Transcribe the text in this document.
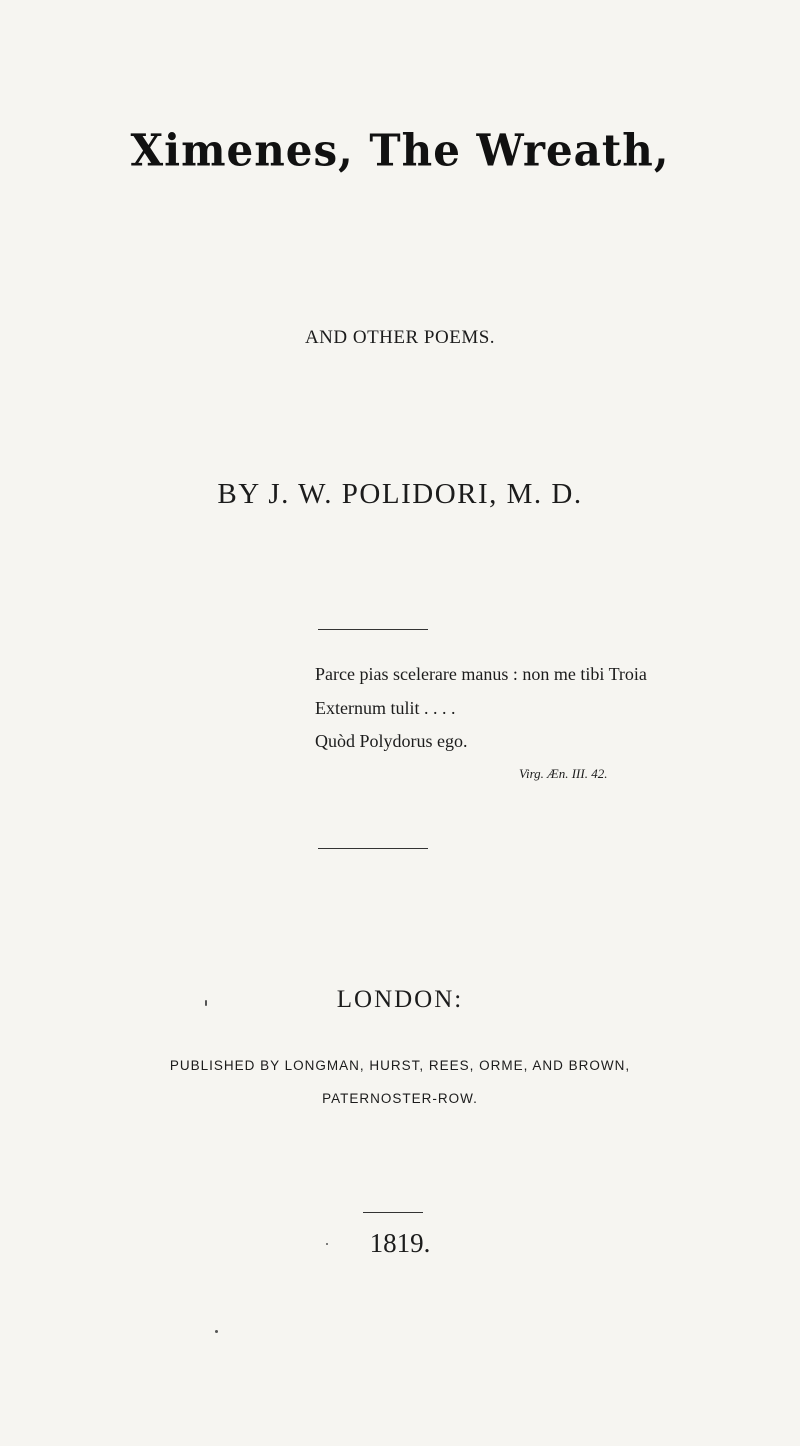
Ximenes, The Wreath,
AND OTHER POEMS.
BY J. W. POLIDORI, M. D.
Parce pias scelerare manus : non me tibi Troia
Externum tulit . . . .
Quòd Polydorus ego.
Virg. Æn. III. 42.
LONDON:
PUBLISHED BY LONGMAN, HURST, REES, ORME, AND BROWN,
PATERNOSTER-ROW.
1819.
